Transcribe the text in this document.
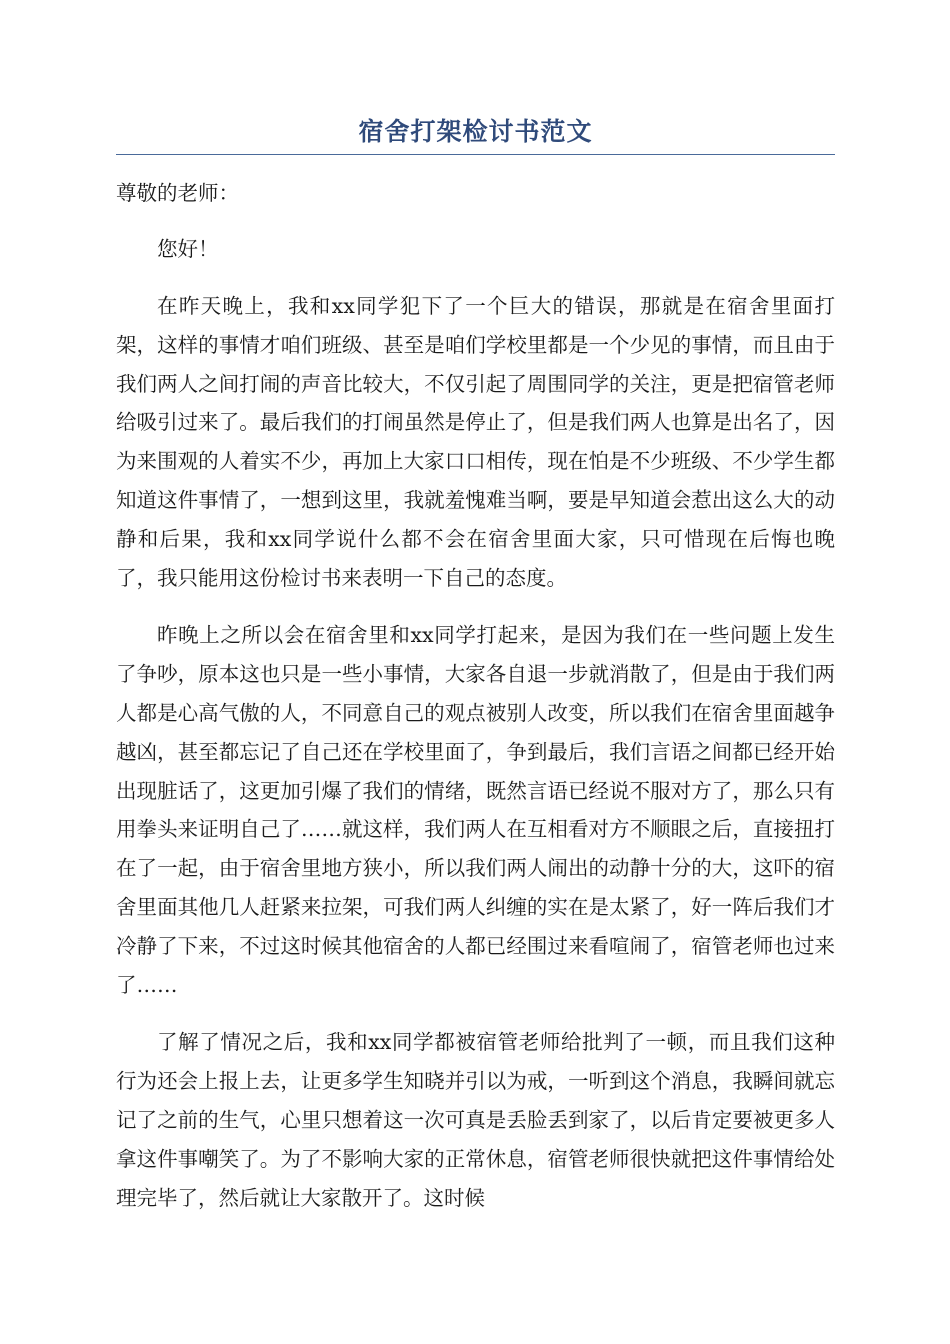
宿舍打架检讨书范文

尊敬的老师：

您好！

在昨天晚上，我和xx同学犯下了一个巨大的错误，那就是在宿舍里面打架，这样的事情才咱们班级、甚至是咱们学校里都是一个少见的事情，而且由于我们两人之间打闹的声音比较大，不仅引起了周围同学的关注，更是把宿管老师给吸引过来了。最后我们的打闹虽然是停止了，但是我们两人也算是出名了，因为来围观的人着实不少，再加上大家口口相传，现在怕是不少班级、不少学生都知道这件事情了，一想到这里，我就羞愧难当啊，要是早知道会惹出这么大的动静和后果，我和xx同学说什么都不会在宿舍里面大家，只可惜现在后悔也晚了，我只能用这份检讨书来表明一下自己的态度。

昨晚上之所以会在宿舍里和xx同学打起来，是因为我们在一些问题上发生了争吵，原本这也只是一些小事情，大家各自退一步就消散了，但是由于我们两人都是心高气傲的人，不同意自己的观点被别人改变，所以我们在宿舍里面越争越凶，甚至都忘记了自己还在学校里面了，争到最后，我们言语之间都已经开始出现脏话了，这更加引爆了我们的情绪，既然言语已经说不服对方了，那么只有用拳头来证明自己了……就这样，我们两人在互相看对方不顺眼之后，直接扭打在了一起，由于宿舍里地方狭小，所以我们两人闹出的动静十分的大，这吓的宿舍里面其他几人赶紧来拉架，可我们两人纠缠的实在是太紧了，好一阵后我们才冷静了下来，不过这时候其他宿舍的人都已经围过来看喧闹了，宿管老师也过来了……

了解了情况之后，我和xx同学都被宿管老师给批判了一顿，而且我们这种行为还会上报上去，让更多学生知晓并引以为戒，一听到这个消息，我瞬间就忘记了之前的生气，心里只想着这一次可真是丢脸丢到家了，以后肯定要被更多人拿这件事嘲笑了。为了不影响大家的正常休息，宿管老师很快就把这件事情给处理完毕了，然后就让大家散开了。这时候
